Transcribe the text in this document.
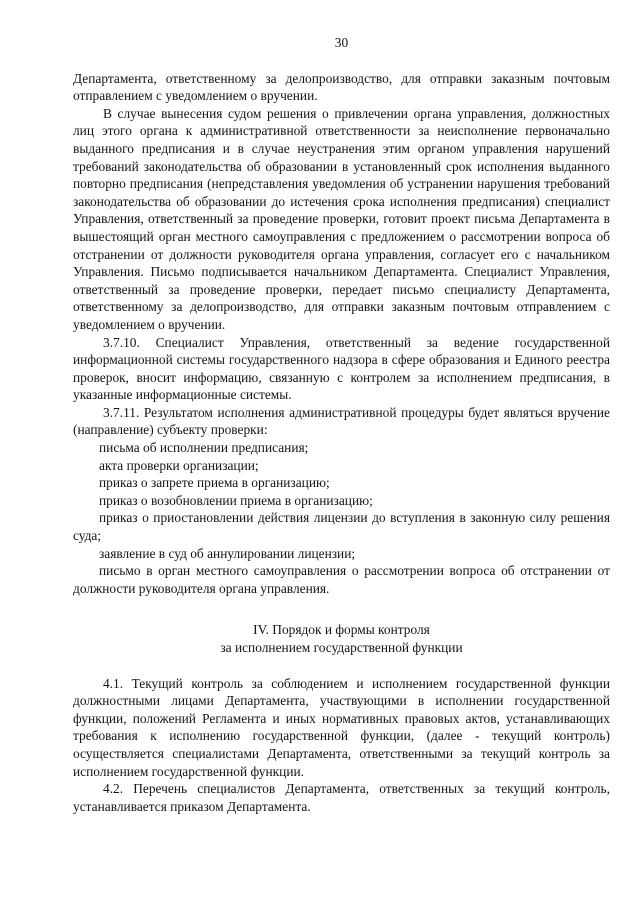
30

Департамента, ответственному за делопроизводство, для отправки заказным почтовым отправлением с уведомлением о вручении.

В случае вынесения судом решения о привлечении органа управления, должностных лиц этого органа к административной ответственности за неисполнение первоначально выданного предписания и в случае неустранения этим органом управления нарушений требований законодательства об образовании в установленный срок исполнения выданного повторно предписания (непредставления уведомления об устранении нарушения требований законодательства об образовании до истечения срока исполнения предписания) специалист Управления, ответственный за проведение проверки, готовит проект письма Департамента в вышестоящий орган местного самоуправления с предложением о рассмотрении вопроса об отстранении от должности руководителя органа управления, согласует его с начальником Управления. Письмо подписывается начальником Департамента. Специалист Управления, ответственный за проведение проверки, передает письмо специалисту Департамента, ответственному за делопроизводство, для отправки заказным почтовым отправлением с уведомлением о вручении.

3.7.10. Специалист Управления, ответственный за ведение государственной информационной системы государственного надзора в сфере образования и Единого реестра проверок, вносит информацию, связанную с контролем за исполнением предписания, в указанные информационные системы.

3.7.11. Результатом исполнения административной процедуры будет являться вручение (направление) субъекту проверки:

письма об исполнении предписания;

акта проверки организации;

приказ о запрете приема в организацию;

приказ о возобновлении приема в организацию;

приказ о приостановлении действия лицензии до вступления в законную силу решения суда;

заявление в суд об аннулировании лицензии;

письмо в орган местного самоуправления о рассмотрении вопроса об отстранении от должности руководителя органа управления.

IV. Порядок и формы контроля

за исполнением государственной функции

4.1. Текущий контроль за соблюдением и исполнением государственной функции должностными лицами Департамента, участвующими в исполнении государственной функции, положений Регламента и иных нормативных правовых актов, устанавливающих требования к исполнению государственной функции, (далее - текущий контроль) осуществляется специалистами Департамента, ответственными за текущий контроль за исполнением государственной функции.

4.2. Перечень специалистов Департамента, ответственных за текущий контроль, устанавливается приказом Департамента.
